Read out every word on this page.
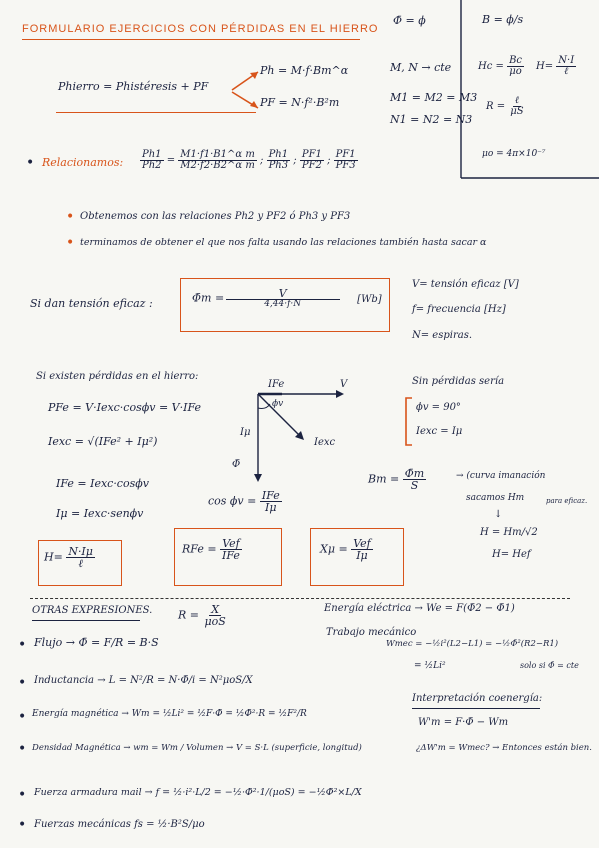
FORMULARIO EJERCICIOS CON PÉRDIDAS EN EL HIERRO
Φ̄ = ϕ	B = ϕ/s
$Hc = \frac{Bc}{\mu o} H= \frac{N\cdot I}{\text{ℓ}}$
$R = \frac{\text{ℓ}}{\mu S}$
μo = 4π×10⁻⁷
Phierro = Phistéresis + PF
Ph = M·f·Bm^α
PF = N·f²·B²m
M, N → cte
M1 = M2 = M3
N1 = N2 = N3
• Relacionamos: $\frac{Ph1}{Ph2} = \frac{\text{M1·f1·B1\textasciicircum{}α m}}{\text{M2·f2·B2\textasciicircum{}α m}}$ ; $\frac{Ph1}{Ph3}$ ; $\frac{PF1}{PF2}$ ; $\frac{PF1}{PF3}$
• Obtenemos con las relaciones Ph2 y PF2 ó Ph3 y PF3
• terminamos de obtener el que nos falta usando las relaciones también hasta sacar α
Si dan tensión eficaz :	Φ̄m = $\frac{V}{4,44\cdot f\cdot N} [Wb]$
V= tensión eficaz [V]
f= frecuencia [Hz]
N= espiras.
Si existen pérdidas en el hierro:
PFe = V·Iexc·cosϕv = V·IFe
Iexc = √(IFe² + Iμ²)
IFe = Iexc·cosϕv
Iμ = Iexc·senϕv
IFe	V
ϕv
Iμ
Iexc
Φ̄
$\cos \phi v = \frac{\text{IFe}}{I\mu}$
$H= \frac{N\cdot I\mu}{\text{ℓ}}$	RFe = $\frac{\text{Vef}}{\text{IFe}}$	$X\mu = \frac{\text{Vef}}{I\mu}$
Sin pérdidas sería
ϕv = 90°
Iexc = Iμ
$Bm = \frac{\Phīm}{S}$	→ (curva imanación
sacamos Hm	para eficaz.
↓
H = Hm/√2
H= Hef
OTRAS EXPRESIONES. $R = \frac{X}{\text{μoS}}$
• Flujo → Φ̄ = F/R = B·S
• Inductancia → L = N²/R = N·Φ̄/i = N²μoS/X
• Energía magnética → Wm = ½Li² = ½F·Φ̄ = ½Φ̄²·R = ½F²/R
• Densidad Magnética → wm = Wm / Volumen → V = S·L (superficie, longitud)
• Fuerza armadura mail → f = ½·i²·L/2 = −½·Φ̄²·1/(μoS) = −½Φ̄²×L/X
• Fuerzas mecánicas fs = ½·B²S/μo
Energía eléctrica → We = F(Φ̄2 − Φ̄1)
Trabajo mecánico
Wmec = −½i²(L2−L1) = −½Φ̄²(R2−R1)
= ½Li²	solo si Φ̄ = cte
Interpretación coenergía:
W'm = F·Φ̄ − Wm
¿ΔW'm = Wmec? → Entonces están bien.
